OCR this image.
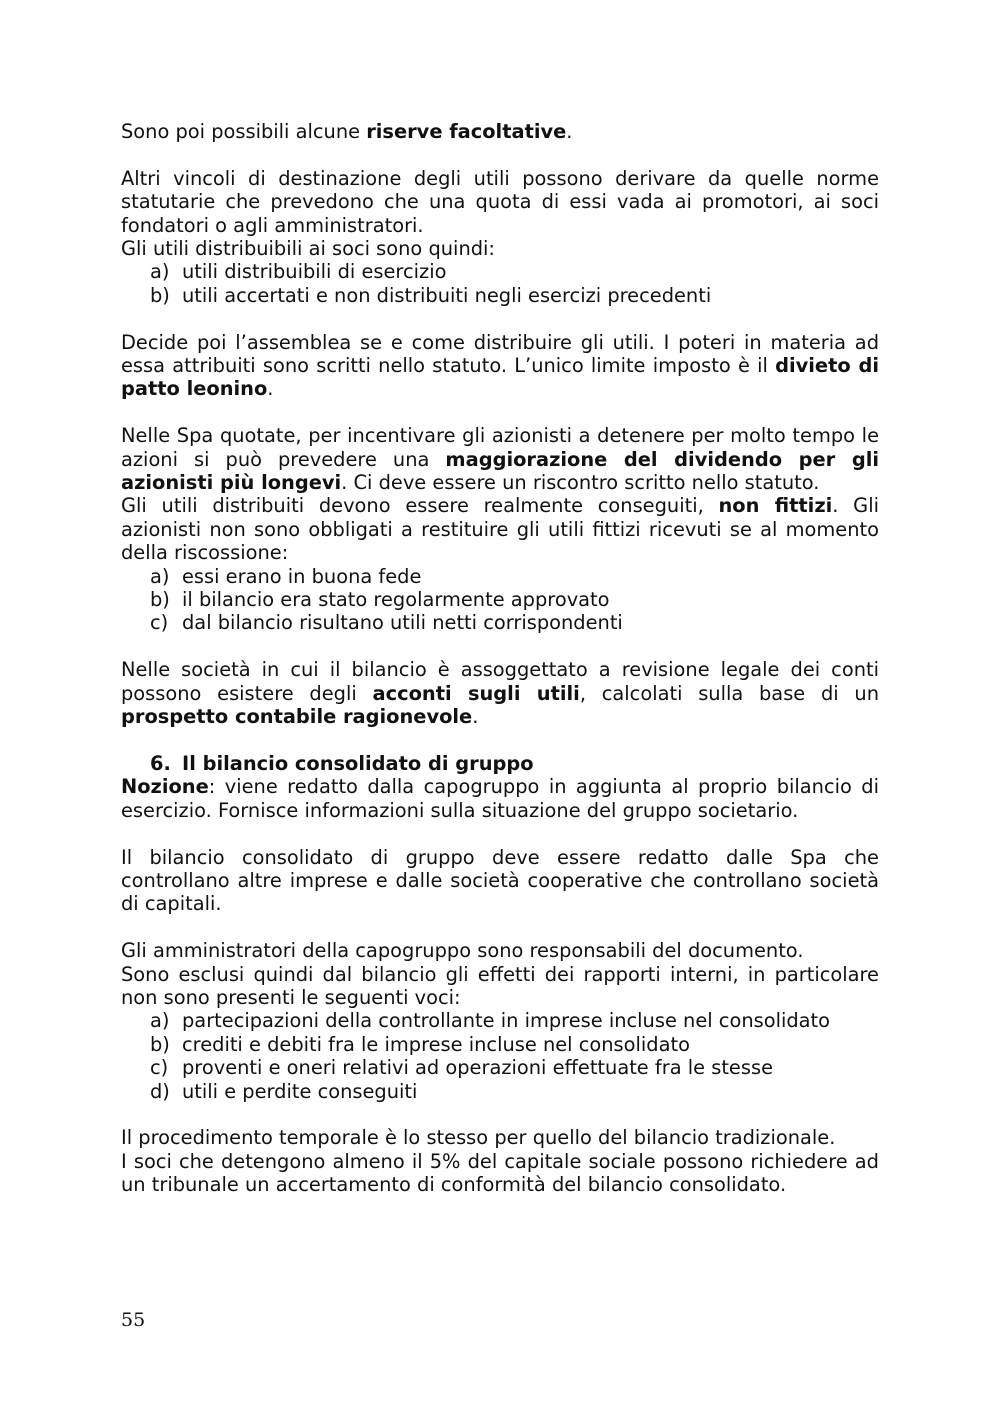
Sono poi possibili alcune riserve facoltative.

Altri vincoli di destinazione degli utili possono derivare da quelle norme statutarie che prevedono che una quota di essi vada ai promotori, ai soci fondatori o agli amministratori.

Gli utili distribuibili ai soci sono quindi:

a) utili distribuibili di esercizio
b) utili accertati e non distribuiti negli esercizi precedenti

Decide poi l’assemblea se e come distribuire gli utili. I poteri in materia ad essa attribuiti sono scritti nello statuto. L’unico limite imposto è il divieto di patto leonino.

Nelle Spa quotate, per incentivare gli azionisti a detenere per molto tempo le azioni si può prevedere una maggiorazione del dividendo per gli azionisti più longevi. Ci deve essere un riscontro scritto nello statuto.

Gli utili distribuiti devono essere realmente conseguiti, non fittizi. Gli azionisti non sono obbligati a restituire gli utili fittizi ricevuti se al momento della riscossione:

a) essi erano in buona fede
b) il bilancio era stato regolarmente approvato
c) dal bilancio risultano utili netti corrispondenti

Nelle società in cui il bilancio è assoggettato a revisione legale dei conti possono esistere degli acconti sugli utili, calcolati sulla base di un prospetto contabile ragionevole.

6. Il bilancio consolidato di gruppo

Nozione: viene redatto dalla capogruppo in aggiunta al proprio bilancio di esercizio. Fornisce informazioni sulla situazione del gruppo societario.

Il bilancio consolidato di gruppo deve essere redatto dalle Spa che controllano altre imprese e dalle società cooperative che controllano società di capitali.

Gli amministratori della capogruppo sono responsabili del documento.

Sono esclusi quindi dal bilancio gli effetti dei rapporti interni, in particolare non sono presenti le seguenti voci:

a) partecipazioni della controllante in imprese incluse nel consolidato
b) crediti e debiti fra le imprese incluse nel consolidato
c) proventi e oneri relativi ad operazioni effettuate fra le stesse
d) utili e perdite conseguiti

Il procedimento temporale è lo stesso per quello del bilancio tradizionale.

I soci che detengono almeno il 5% del capitale sociale possono richiedere ad un tribunale un accertamento di conformità del bilancio consolidato.

55
